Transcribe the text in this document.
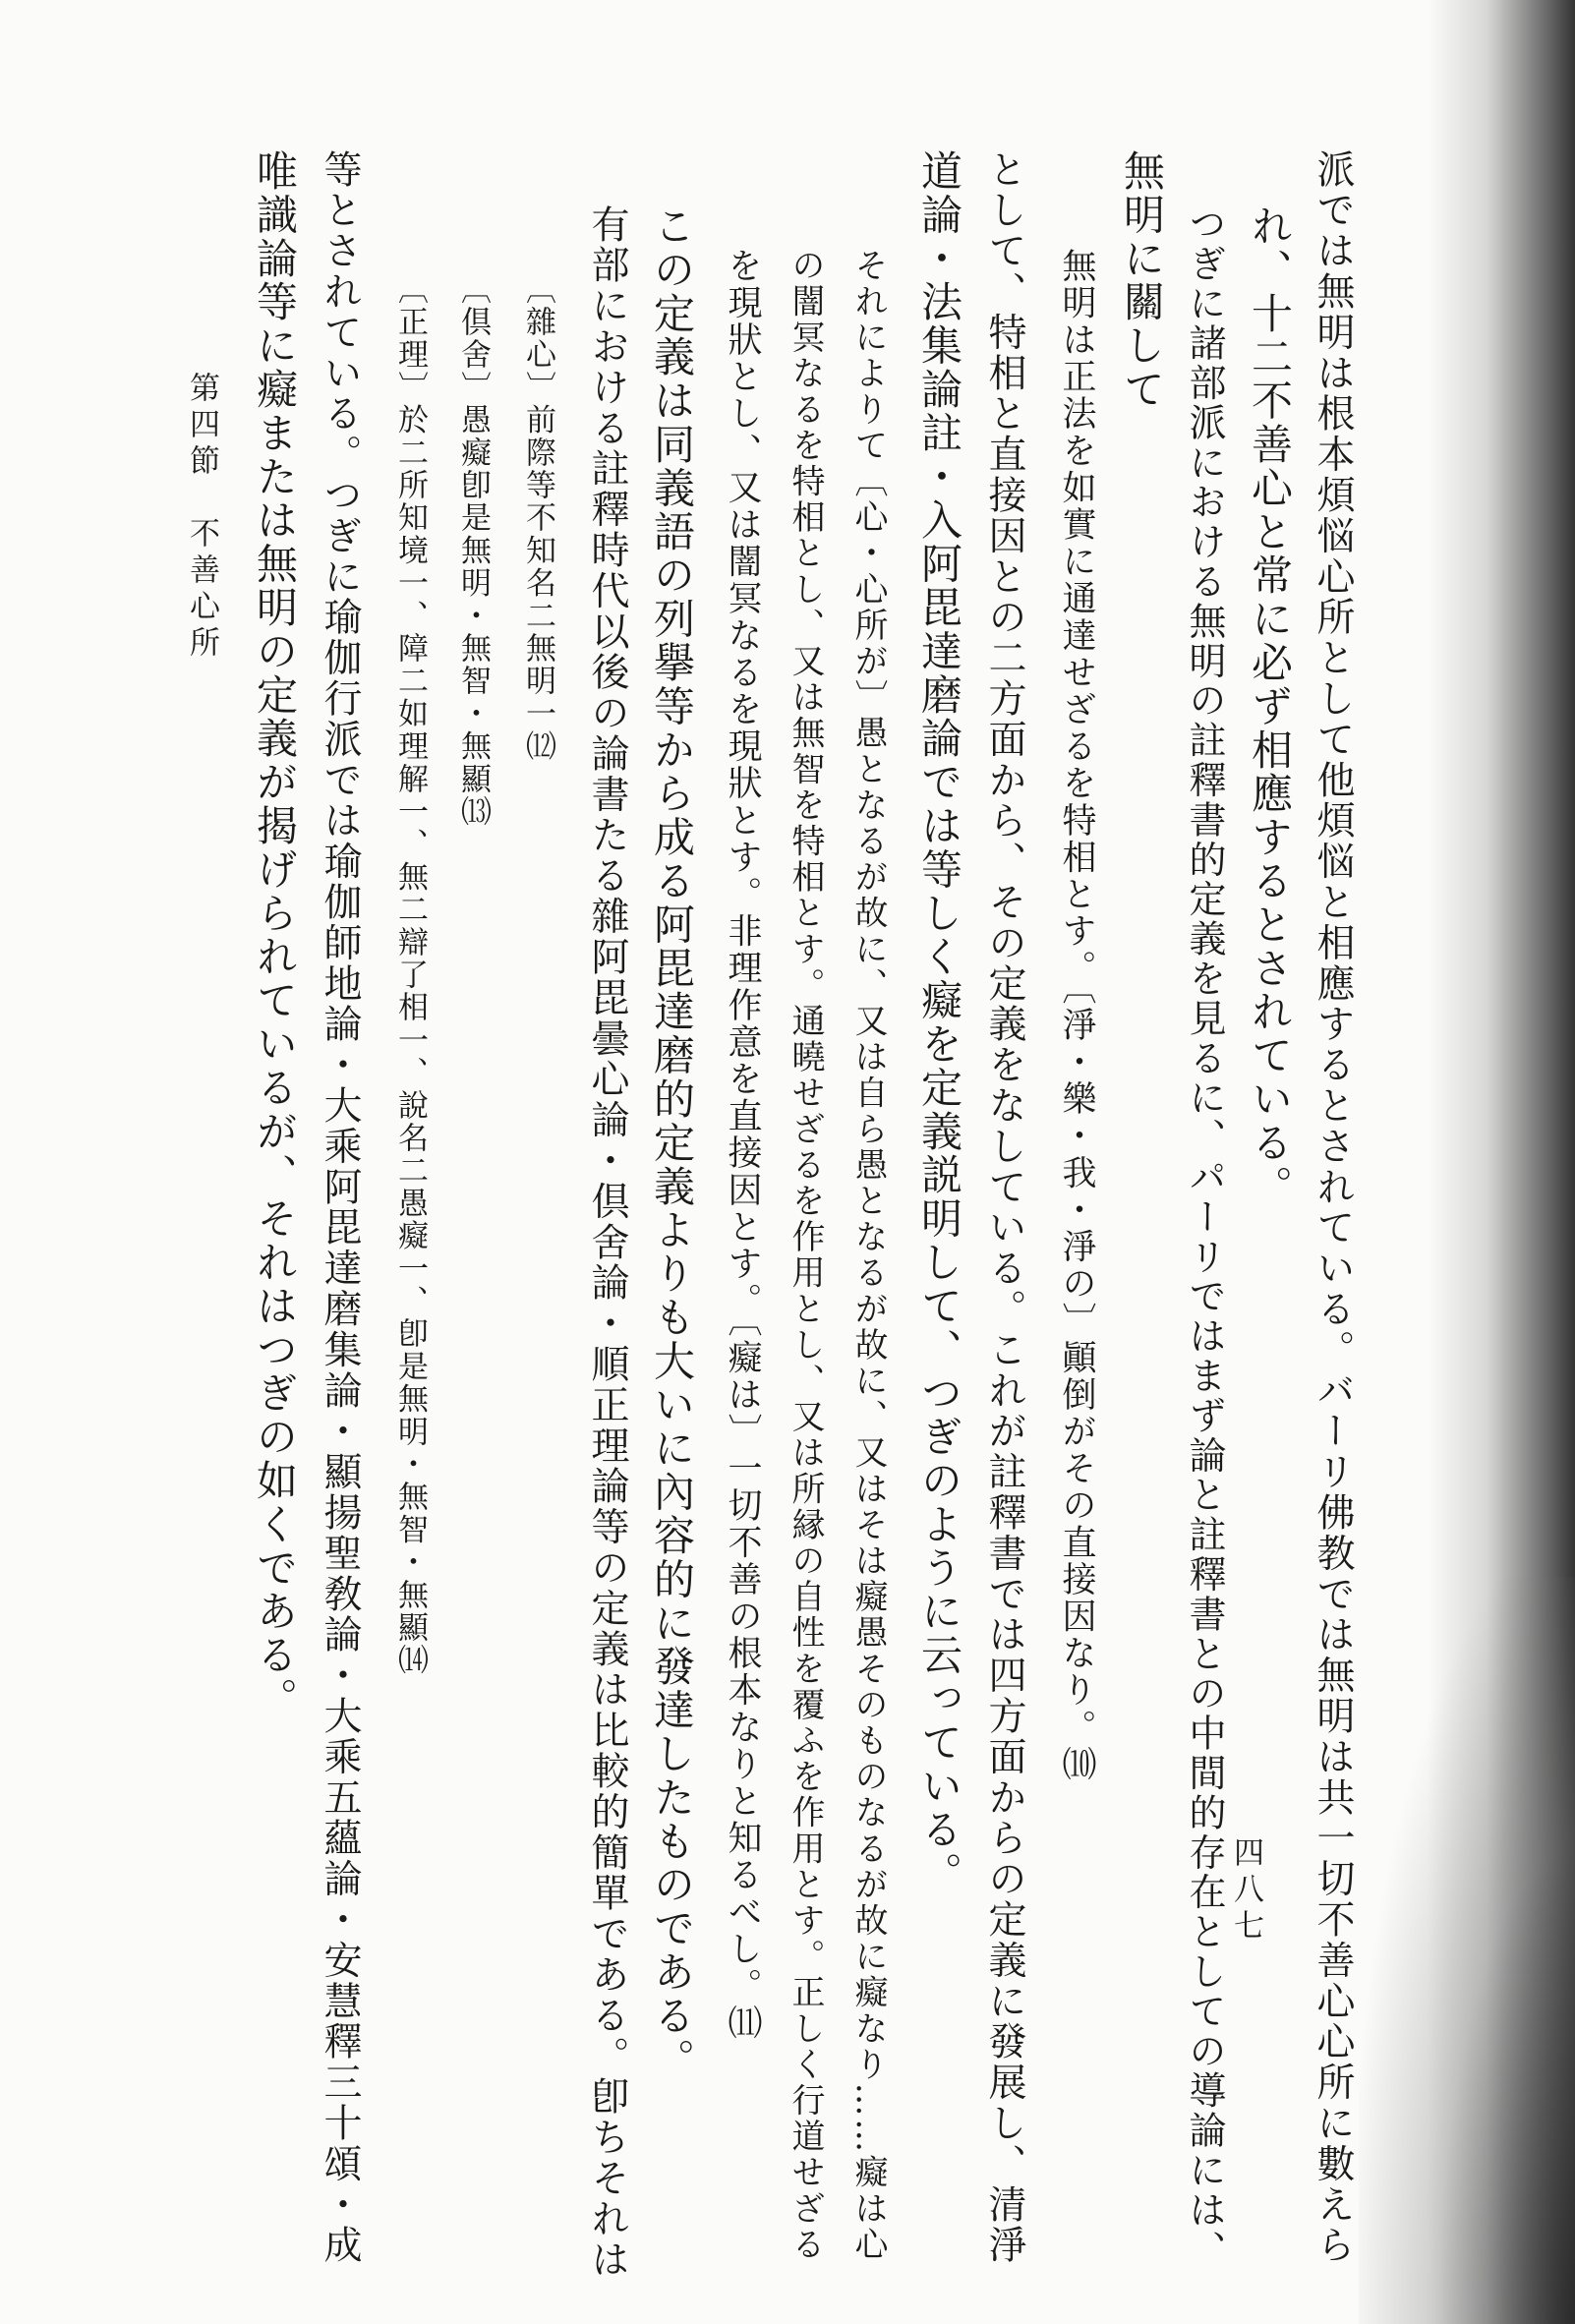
派では無明は根本煩悩心所として他煩悩と相應するとされている。バーリ佛教では無明は共一切不善心心所に數えら

れ、十二不善心と常に必ず相應するとされている。

つぎに諸部派における無明の註釋書的定義を見るに、パーリではまず論と註釋書との中間的存在としての導論には、

無明に關して

無明は正法を如實に通達せざるを特相とす。〔淨・樂・我・淨の〕顚倒がその直接因なり。⑽

として、特相と直接因との二方面から、その定義をなしている。これが註釋書では四方面からの定義に發展し、清淨

道論・法集論註・入阿毘達磨論では等しく癡を定義説明して、つぎのように云っている。

それによりて〔心・心所が〕愚となるが故に、又は自ら愚となるが故に、又はそは癡愚そのものなるが故に癡なり……癡は心

の闇冥なるを特相とし、又は無智を特相とす。通曉せざるを作用とし、又は所縁の自性を覆ふを作用とす。正しく行道せざる

を現狀とし、又は闇冥なるを現狀とす。非理作意を直接因とす。〔癡は〕一切不善の根本なりと知るべし。⑾

この定義は同義語の列擧等から成る阿毘達磨的定義よりも大いに內容的に發達したものである。

有部における註釋時代以後の論書たる雜阿毘曇心論・倶舍論・順正理論等の定義は比較的簡單である。卽ちそれは

〔雜心〕前際等不知名二無明一⑿

〔倶舍〕愚癡卽是無明・無智・無顯⒀

〔正理〕於二所知境一、障二如理解一、無二辯了相一、說名二愚癡一、卽是無明・無智・無顯⒁

等とされている。つぎに瑜伽行派では瑜伽師地論・大乘阿毘達磨集論・顯揚聖敎論・大乘五蘊論・安慧釋三十頌・成

唯識論等に癡または無明の定義が揭げられているが、それはつぎの如くである。

第四節　不善心所

四八七
